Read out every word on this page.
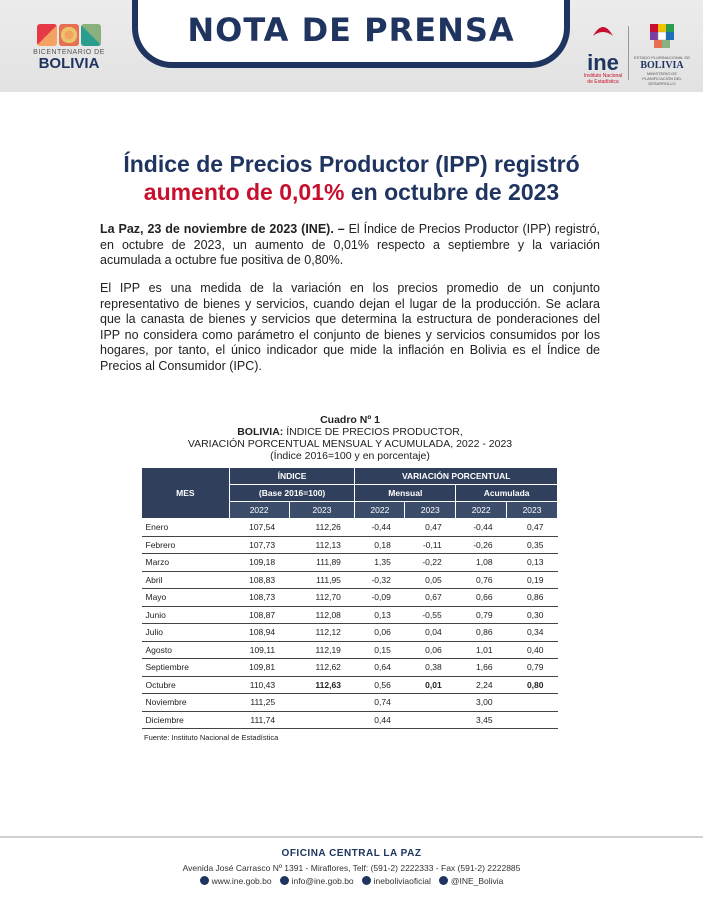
BICENTENARIO DE
BOLIVIA
NOTA DE PRENSA
ine
Instituto Nacional
de Estadística
ESTADO PLURINACIONAL DE
BOLIVIA
MINISTERIO DE PLANIFICACIÓN DEL DESARROLLO
Índice de Precios Productor (IPP) registró
aumento de 0,01% en octubre de 2023
La Paz, 23 de noviembre de 2023 (INE). – El Índice de Precios Productor (IPP) registró, en octubre de 2023, un aumento de 0,01% respecto a septiembre y la variación acumulada a octubre fue positiva de 0,80%.
El IPP es una medida de la variación en los precios promedio de un conjunto representativo de bienes y servicios, cuando dejan el lugar de la producción. Se aclara que la canasta de bienes y servicios que determina la estructura de ponderaciones del IPP no considera como parámetro el conjunto de bienes y servicios consumidos por los hogares, por tanto, el único indicador que mide la inflación en Bolivia es el Índice de Precios al Consumidor (IPC).
Cuadro Nº 1
BOLIVIA: ÍNDICE DE PRECIOS PRODUCTOR,
VARIACIÓN PORCENTUAL MENSUAL Y ACUMULADA, 2022 - 2023
(Índice 2016=100 y en porcentaje)
MES	ÍNDICE		VARIACIÓN PORCENTUAL			
	(Base 2016=100)		Mensual		Acumulada	
	2022	2023	2022	2023	2022	2023
Enero	107,54	112,26	-0,44	0,47	-0,44	0,47
Febrero	107,73	112,13	0,18	-0,11	-0,26	0,35
Marzo	109,18	111,89	1,35	-0,22	1,08	0,13
Abril	108,83	111,95	-0,32	0,05	0,76	0,19
Mayo	108,73	112,70	-0,09	0,67	0,66	0,86
Junio	108,87	112,08	0,13	-0,55	0,79	0,30
Julio	108,94	112,12	0,06	0,04	0,86	0,34
Agosto	109,11	112,19	0,15	0,06	1,01	0,40
Septiembre	109,81	112,62	0,64	0,38	1,66	0,79
Octubre	110,43	112,63	0,56	0,01	2,24	0,80
Noviembre	111,25		0,74		3,00	
Diciembre	111,74		0,44		3,45	
Fuente: Instituto Nacional de Estadística
OFICINA CENTRAL LA PAZ
Avenida José Carrasco Nº 1391 - Miraflores, Telf: (591-2) 2222333 - Fax (591-2) 2222885
www.ine.gob.bo info@ine.gob.bo ineboliviaoficial @INE_Bolivia
